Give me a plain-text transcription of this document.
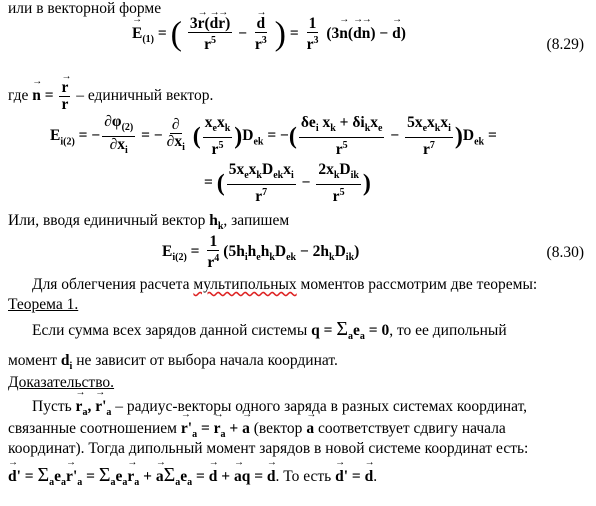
или в векторной форме
→ $E_{(1)}$ = ( $\frac{3\to r(\to d\to r)}{r^5}$ − → $\frac{d}{r^3}$ ) = $\frac{1}{r^3} (3\to n(\to d\to n)$ − → d)
(8.29)
где → n = → $\frac{r}{r}$ – единичный вектор.
$E_{i(2)}$ = − $\frac{\partial\varphi_{(2)}}{\partial x_i}$ = − $\frac{\partial}{\partial x_i}$ ( $\frac{x_ex_k}{r^5} )D_{ek}$ = −( $\frac{\delta e_i x_k + \delta i_kx_e}{r^5} - \frac{5x_ex_kx_i}{r^7} )D_{ek}$ =
= ( $\frac{5x_ex_kD_{ek}x_i}{r^7} - \frac{2x_kD_{ik}}{r^5}$ )
Или, вводя единичный вектор $h_k$, запишем
$E_{i(2)} = \frac{1}{r^4} (5h_ih_eh_kD_{ek} - 2h_kD_{ik})$	(8.30)
Для облегчения расчета мультипольных моментов рассмотрим две теоремы:
Теорема 1.
Если сумма всех зарядов данной системы $q = \Sigma_ae_a = 0$, то ее дипольный
момент $d_i$ не зависит от выбора начала координат.
Доказательство.
Пусть → $r_a$, → $r'_a$ – радиус-векторы одного заряда в разных системах координат,
связанные соотношением → $r'_a$ = → $r_a$ + → a (вектор → a соответствует сдвигу начала
координат). Тогда дипольный момент зарядов в новой системе координат есть:
→ $d' = \Sigma_ae_a\to r'_a = \Sigma_ae_a\to r_a$ + → $a\Sigma_ae_a$ = → d + → aq = → d. То есть → d' = → d.
